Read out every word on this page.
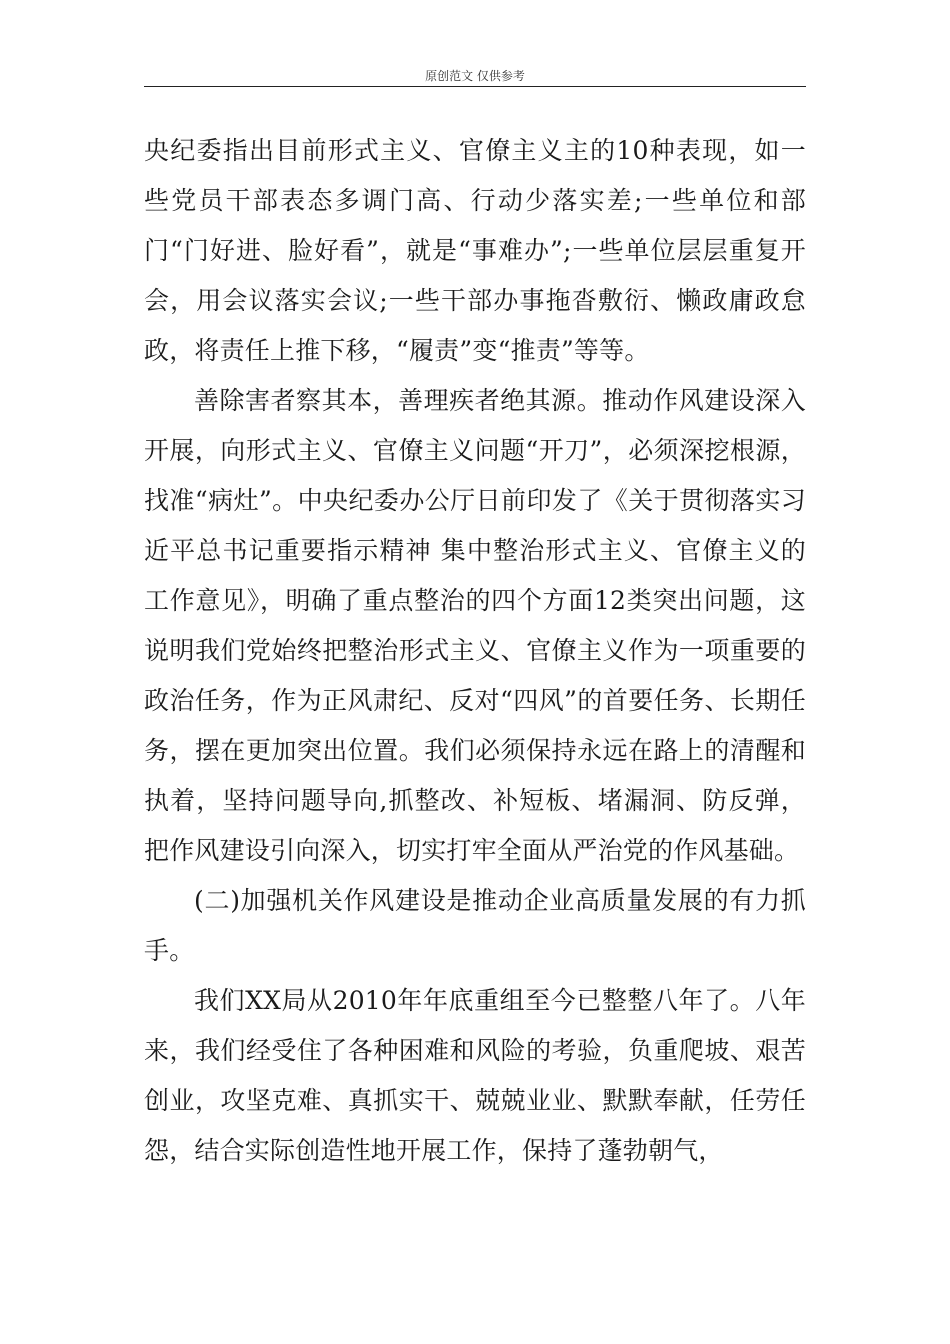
原创范文 仅供参考

央纪委指出目前形式主义、官僚主义主的10种表现，如一些党员干部表态多调门高、行动少落实差;一些单位和部门“门好进、脸好看”，就是“事难办”;一些单位层层重复开会，用会议落实会议;一些干部办事拖沓敷衍、懒政庸政怠政，将责任上推下移，“履责”变“推责”等等。

善除害者察其本，善理疾者绝其源。推动作风建设深入开展，向形式主义、官僚主义问题“开刀”，必须深挖根源，找准“病灶”。中央纪委办公厅日前印发了《关于贯彻落实习近平总书记重要指示精神 集中整治形式主义、官僚主义的工作意见》，明确了重点整治的四个方面12类突出问题，这说明我们党始终把整治形式主义、官僚主义作为一项重要的政治任务，作为正风肃纪、反对“四风”的首要任务、长期任务，摆在更加突出位置。我们必须保持永远在路上的清醒和执着，坚持问题导向,抓整改、补短板、堵漏洞、防反弹，把作风建设引向深入，切实打牢全面从严治党的作风基础。

(二)加强机关作风建设是推动企业高质量发展的有力抓手。

我们XX局从2010年年底重组至今已整整八年了。八年来，我们经受住了各种困难和风险的考验，负重爬坡、艰苦创业，攻坚克难、真抓实干、兢兢业业、默默奉献，任劳任怨，结合实际创造性地开展工作，保持了蓬勃朝气，
